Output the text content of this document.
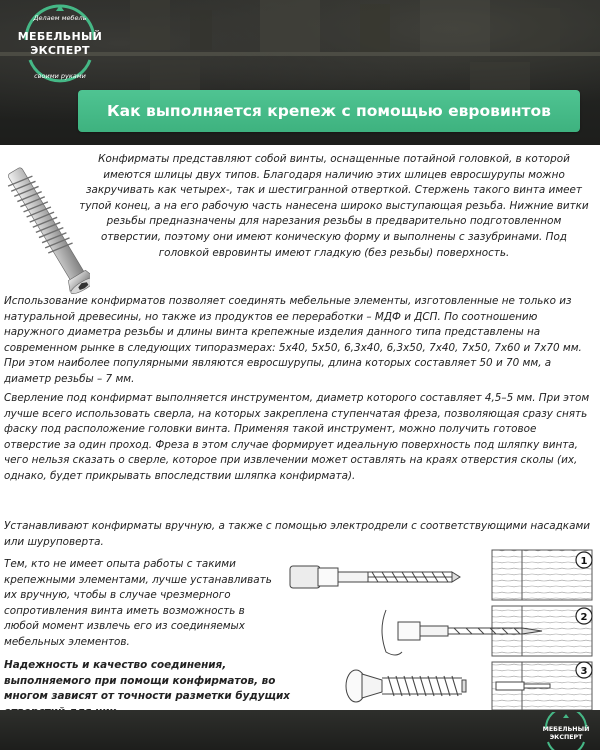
Делаем мебель
своими руками
МЕБЕЛЬНЫЙ
ЭКСПЕРТ
Как выполняется крепеж с помощью евровинтов
Конфирматы представляют собой винты, оснащенные потайной головкой, в которой имеются шлицы двух типов. Благодаря наличию этих шлицев евроcшурупы можно закручивать как четырех-, так и шестигранной отверткой. Стержень такого винта имеет тупой конец, а на его рабочую часть нанесена широко выступающая резьба. Нижние витки резьбы предназначены для нарезания резьбы в предварительно подготовленном отверстии, поэтому они имеют коническую форму и выполнены с зазубринами. Под головкой евровинты имеют гладкую (без резьбы) поверхность.
Использование конфирматов позволяет соединять мебельные элементы, изготовленные не только из натуральной древесины, но также из продуктов ее переработки – МДФ и ДСП. По соотношению наружного диаметра резьбы и длины винта крепежные изделия данного типа представлены на современном рынке в следующих типоразмерах: 5х40, 5х50, 6,3х40, 6,3х50, 7х40, 7х50, 7х60 и 7х70 мм. При этом наиболее популярными являются евроcшурупы, длина которых составляет 50 и 70 мм, а диаметр резьбы – 7 мм.
Сверление под конфирмат выполняется инструментом, диаметр которого составляет 4,5–5 мм. При этом лучше всего использовать сверла, на которых закреплена ступенчатая фреза, позволяющая сразу снять фаску под расположение головки винта. Применяя такой инструмент, можно получить готовое отверстие за один проход. Фреза в этом случае формирует идеальную поверхность под шляпку винта, чего нельзя сказать о сверле, которое при извлечении может оставлять на краях отверстия сколы (их, однако, будет прикрывать впоследствии шляпка конфирмата).
Устанавливают конфирматы вручную, а также с помощью электродрели с соответствующими насадками или шуруповерта.
Тем, кто не имеет опыта работы с такими крепежными элементами, лучше устанавливать их вручную, чтобы в случае чрезмерного сопротивления винта иметь возможность в любой момент извлечь его из соединяемых мебельных элементов.
Надежность и качество соединения, выполняемого при помощи конфирматов, во многом зависят от точности разметки будущих
1
2
3
МЕБЕЛЬНЫЙ
ЭКСПЕРТ
